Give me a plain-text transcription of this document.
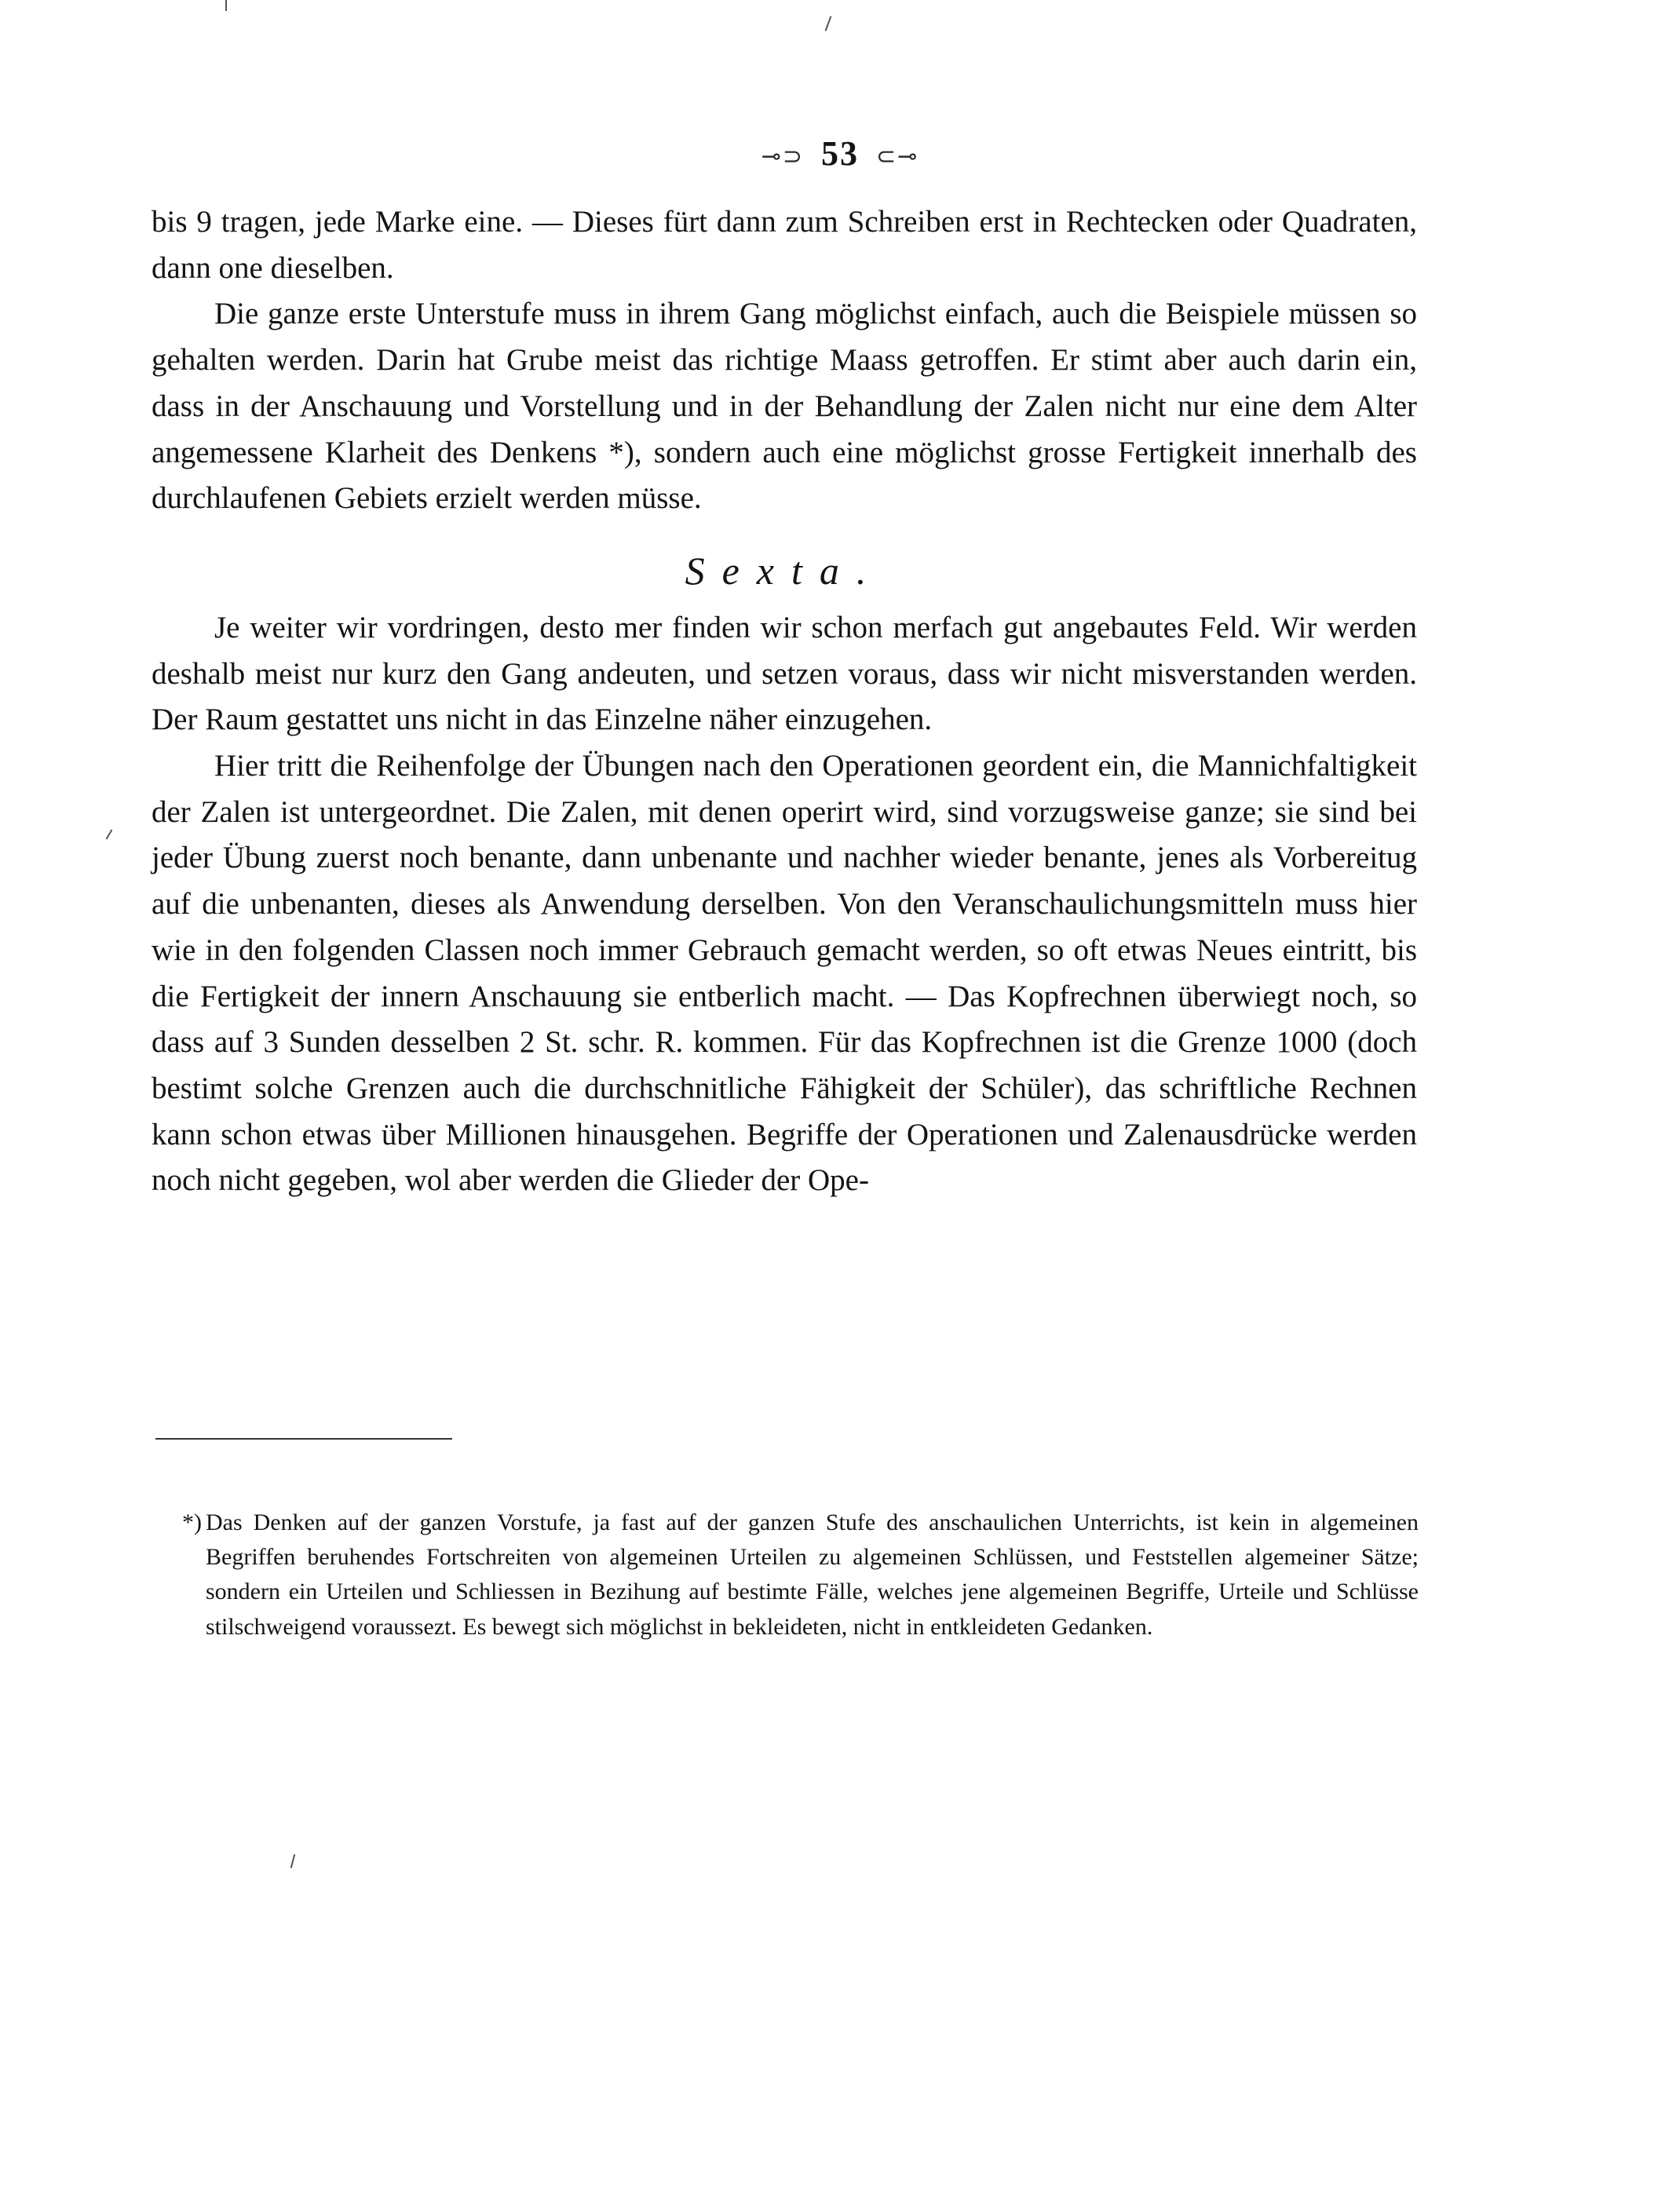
⊸⊃ 53 ⊂⊸

bis 9 tragen, jede Marke eine. — Dieses fürt dann zum Schreiben erst in Rechtecken oder Quadraten, dann one dieselben.

Die ganze erste Unterstufe muss in ihrem Gang möglichst einfach, auch die Beispiele müssen so gehalten werden. Darin hat Grube meist das richtige Maass getroffen. Er stimt aber auch darin ein, dass in der Anschauung und Vorstellung und in der Behandlung der Zalen nicht nur eine dem Alter angemessene Klarheit des Denkens *), sondern auch eine möglichst grosse Fertigkeit innerhalb des durchlaufenen Gebiets erzielt werden müsse.

Sexta.

Je weiter wir vordringen, desto mer finden wir schon merfach gut angebautes Feld. Wir werden deshalb meist nur kurz den Gang andeuten, und setzen voraus, dass wir nicht misverstanden werden. Der Raum gestattet uns nicht in das Einzelne näher einzugehen.

Hier tritt die Reihenfolge der Übungen nach den Operationen geordent ein, die Mannichfaltigkeit der Zalen ist untergeordnet. Die Zalen, mit denen operirt wird, sind vorzugsweise ganze; sie sind bei jeder Übung zuerst noch benante, dann unbenante und nachher wieder benante, jenes als Vorbereitug auf die unbenanten, dieses als Anwendung derselben. Von den Veranschaulichungsmitteln muss hier wie in den folgenden Classen noch immer Gebrauch gemacht werden, so oft etwas Neues eintritt, bis die Fertigkeit der innern Anschauung sie entberlich macht. — Das Kopfrechnen überwiegt noch, so dass auf 3 Sunden desselben 2 St. schr. R. kommen. Für das Kopfrechnen ist die Grenze 1000 (doch bestimt solche Grenzen auch die durchschnitliche Fähigkeit der Schüler), das schriftliche Rechnen kann schon etwas über Millionen hinausgehen. Begriffe der Operationen und Zalenausdrücke werden noch nicht gegeben, wol aber werden die Glieder der Ope-

*) Das Denken auf der ganzen Vorstufe, ja fast auf der ganzen Stufe des anschaulichen Unterrichts, ist kein in algemeinen Begriffen beruhendes Fortschreiten von algemeinen Urteilen zu algemeinen Schlüssen, und Feststellen algemeiner Sätze; sondern ein Urteilen und Schliessen in Bezihung auf bestimte Fälle, welches jene algemeinen Begriffe, Urteile und Schlüsse stilschweigend voraussezt. Es bewegt sich möglichst in bekleideten, nicht in entkleideten Gedanken.
